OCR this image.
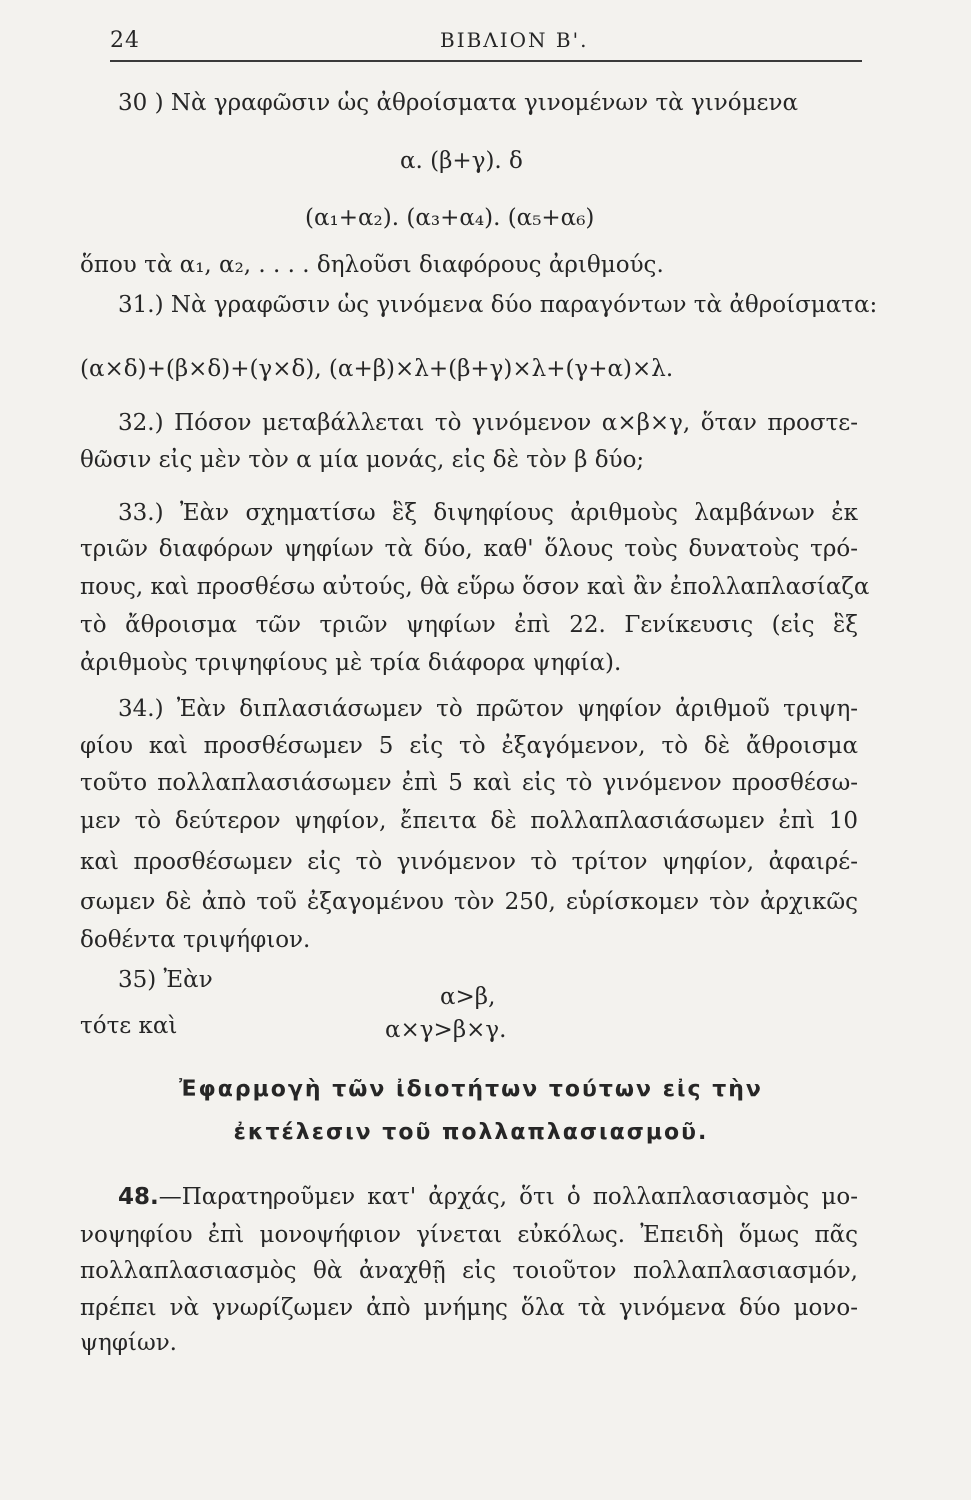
24	ΒΙΒΛΙΟΝ Β'.
30 ) Νὰ γραφῶσιν ὡς ἀθροίσματα γινομένων τὰ γινόμενα
α. (β+γ). δ
(α₁+α₂). (α₃+α₄). (α₅+α₆)
ὅπου τὰ α₁, α₂, . . . . δηλοῦσι διαφόρους ἀριθμούς.
31.) Νὰ γραφῶσιν ὡς γινόμενα δύο παραγόντων τὰ ἀθροίσματα:
(α×δ)+(β×δ)+(γ×δ), (α+β)×λ+(β+γ)×λ+(γ+α)×λ.
32.) Πόσον μεταβάλλεται τὸ γινόμενον α×β×γ, ὅταν προστε-
θῶσιν εἰς μὲν τὸν α μία μονάς, εἰς δὲ τὸν β δύο;
33.) Ἐὰν σχηματίσω ἓξ διψηφίους ἀριθμοὺς λαμβάνων ἐκ
τριῶν διαφόρων ψηφίων τὰ δύο, καθ' ὅλους τοὺς δυνατοὺς τρό-
πους, καὶ προσθέσω αὐτούς, θὰ εὕρω ὅσον καὶ ἂν ἐπολλαπλασίαζα
τὸ ἄθροισμα τῶν τριῶν ψηφίων ἐπὶ 22. Γενίκευσις (εἰς ἓξ
ἀριθμοὺς τριψηφίους μὲ τρία διάφορα ψηφία).
34.) Ἐὰν διπλασιάσωμεν τὸ πρῶτον ψηφίον ἀριθμοῦ τριψη-
φίου καὶ προσθέσωμεν 5 εἰς τὸ ἐξαγόμενον, τὸ δὲ ἄθροισμα
τοῦτο πολλαπλασιάσωμεν ἐπὶ 5 καὶ εἰς τὸ γινόμενον προσθέσω-
μεν τὸ δεύτερον ψηφίον, ἔπειτα δὲ πολλαπλασιάσωμεν ἐπὶ 10
καὶ προσθέσωμεν εἰς τὸ γινόμενον τὸ τρίτον ψηφίον, ἀφαιρέ-
σωμεν δὲ ἀπὸ τοῦ ἐξαγομένου τὸν 250, εὑρίσκομεν τὸν ἀρχικῶς
δοθέντα τριψήφιον.
35) Ἐὰν
α>β,
τότε καὶ	α×γ>β×γ.
Ἐφαρμογὴ τῶν ἰδιοτήτων τούτων εἰς τὴν
ἐκτέλεσιν τοῦ πολλαπλασιασμοῦ.
48.—Παρατηροῦμεν κατ' ἀρχάς, ὅτι ὁ πολλαπλασιασμὸς μο-
νοψηφίου ἐπὶ μονοψήφιον γίνεται εὐκόλως. Ἐπειδὴ ὅμως πᾶς
πολλαπλασιασμὸς θὰ ἀναχθῇ εἰς τοιοῦτον πολλαπλασιασμόν,
πρέπει νὰ γνωρίζωμεν ἀπὸ μνήμης ὅλα τὰ γινόμενα δύο μονο-
ψηφίων.
